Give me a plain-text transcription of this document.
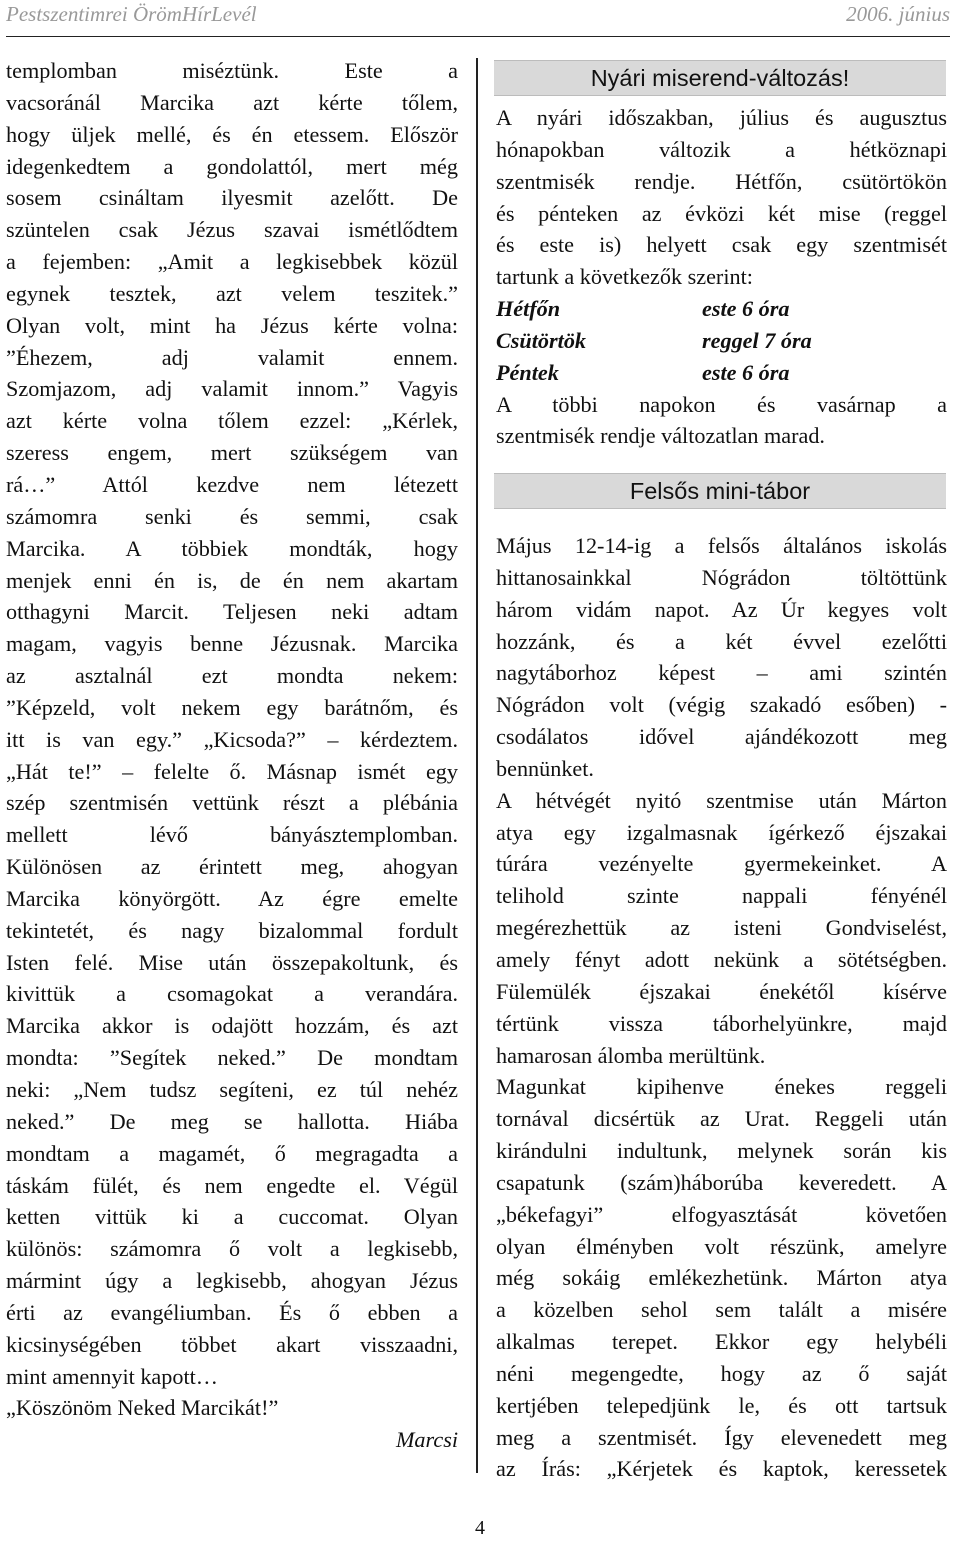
Pestszentimrei ÖrömHírLevél	2006. június

templomban miséztünk. Este a

vacsoránál Marcika azt kérte tőlem,

hogy üljek mellé, és én etessem. Először

idegenkedtem a gondolattól, mert még

sosem csináltam ilyesmit azelőtt. De

szüntelen csak Jézus szavai ismétlődtem

a fejemben: „Amit a legkisebbek közül

egynek tesztek, azt velem teszitek.”

Olyan volt, mint ha Jézus kérte volna:

”Éhezem, adj valamit ennem.

Szomjazom, adj valamit innom.” Vagyis

azt kérte volna tőlem ezzel: „Kérlek,

szeress engem, mert szükségem van

rá…” Attól kezdve nem létezett

számomra senki és semmi, csak

Marcika. A többiek mondták, hogy

menjek enni én is, de én nem akartam

otthagyni Marcit. Teljesen neki adtam

magam, vagyis benne Jézusnak. Marcika

az asztalnál ezt mondta nekem:

”Képzeld, volt nekem egy barátnőm, és

itt is van egy.” „Kicsoda?” – kérdeztem.

„Hát te!” – felelte ő. Másnap ismét egy

szép szentmisén vettünk részt a plébánia

mellett lévő bányásztemplomban.

Különösen az érintett meg, ahogyan

Marcika könyörgött. Az égre emelte

tekintetét, és nagy bizalommal fordult

Isten felé. Mise után összepakoltunk, és

kivittük a csomagokat a verandára.

Marcika akkor is odajött hozzám, és azt

mondta: ”Segítek neked.” De mondtam

neki: „Nem tudsz segíteni, ez túl nehéz

neked.” De meg se hallotta. Hiába

mondtam a magamét, ő megragadta a

táskám fülét, és nem engedte el. Végül

ketten vittük ki a cuccomat. Olyan

különös: számomra ő volt a legkisebb,

mármint úgy a legkisebb, ahogyan Jézus

érti az evangéliumban. És ő ebben a

kicsinységében többet akart visszaadni,

mint amennyit kapott…

„Köszönöm Neked Marcikát!”

Marcsi

Nyári miserend-változás!

A nyári időszakban, július és augusztus

hónapokban változik a hétköznapi

szentmisék rendje. Hétfőn, csütörtökön

és pénteken az évközi két mise (reggel

és este is) helyett csak egy szentmisét

tartunk a következők szerint:

Hétfőn	este 6 óra
Csütörtök	reggel 7 óra
Péntek	este 6 óra

A többi napokon és vasárnap a

szentmisék rendje változatlan marad.

Felsős mini-tábor

Május 12-14-ig a felsős általános iskolás

hittanosainkkal Nógrádon töltöttünk

három vidám napot. Az Úr kegyes volt

hozzánk, és a két évvel ezelőtti

nagytáborhoz képest – ami szintén

Nógrádon volt (végig szakadó esőben) -

csodálatos idővel ajándékozott meg

bennünket.

A hétvégét nyitó szentmise után Márton

atya egy izgalmasnak ígérkező éjszakai

túrára vezényelte gyermekeinket. A

telihold szinte nappali fényénél

megérezhettük az isteni Gondviselést,

amely fényt adott nekünk a sötétségben.

Fülemülék éjszakai énekétől kísérve

tértünk vissza táborhelyünkre, majd

hamarosan álomba merültünk.

Magunkat kipihenve énekes reggeli

tornával dicsértük az Urat. Reggeli után

kirándulni indultunk, melynek során kis

csapatunk (szám)háborúba keveredett. A

„békefagyi” elfogyasztását követően

olyan élményben volt részünk, amelyre

még sokáig emlékezhetünk. Márton atya

a közelben sehol sem talált a misére

alkalmas terepet. Ekkor egy helybéli

néni megengedte, hogy az ő saját

kertjében telepedjünk le, és ott tartsuk

meg a szentmisét. Így elevenedett meg

az Írás: „Kérjetek és kaptok, keressetek

4
